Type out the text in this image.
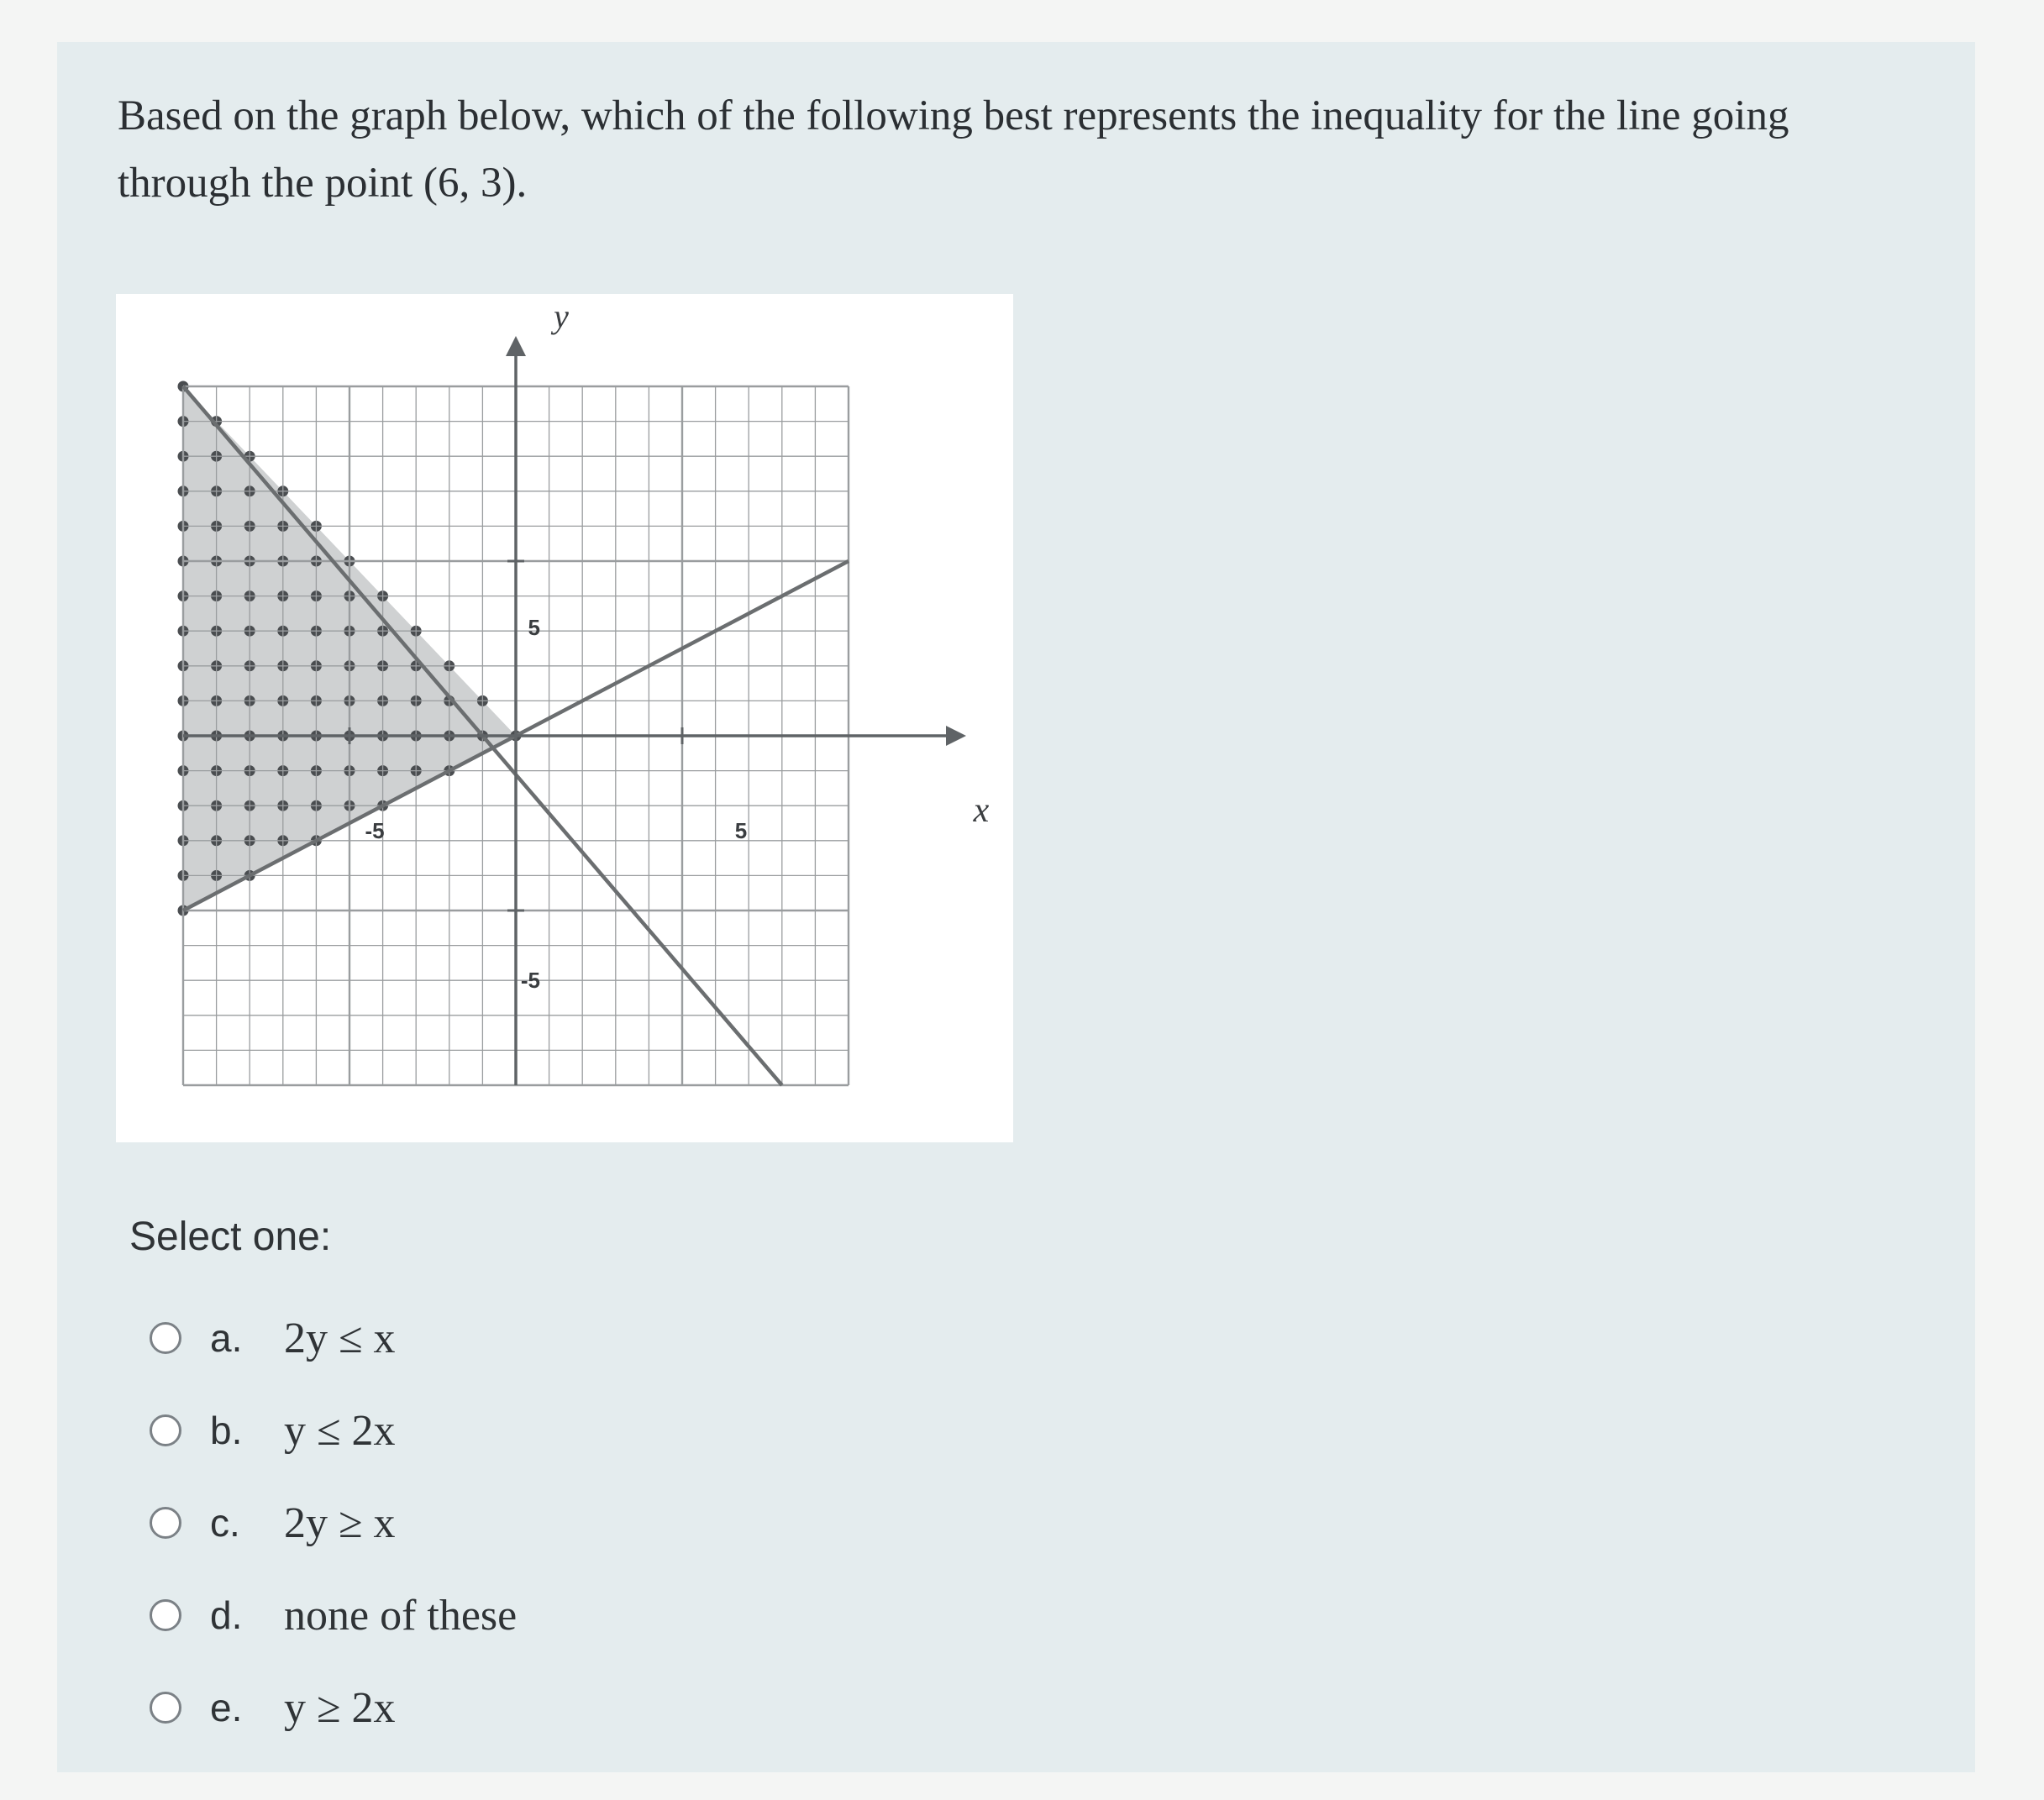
Based on the graph below, which of the following best represents the inequality for the line going through the point (6, 3).
y
x
5
-5
5
-5
Select one:
a. 2y ≤ x
b. y ≤ 2x
c.	2y ≥ x
d. none of these
e. y ≥ 2x
